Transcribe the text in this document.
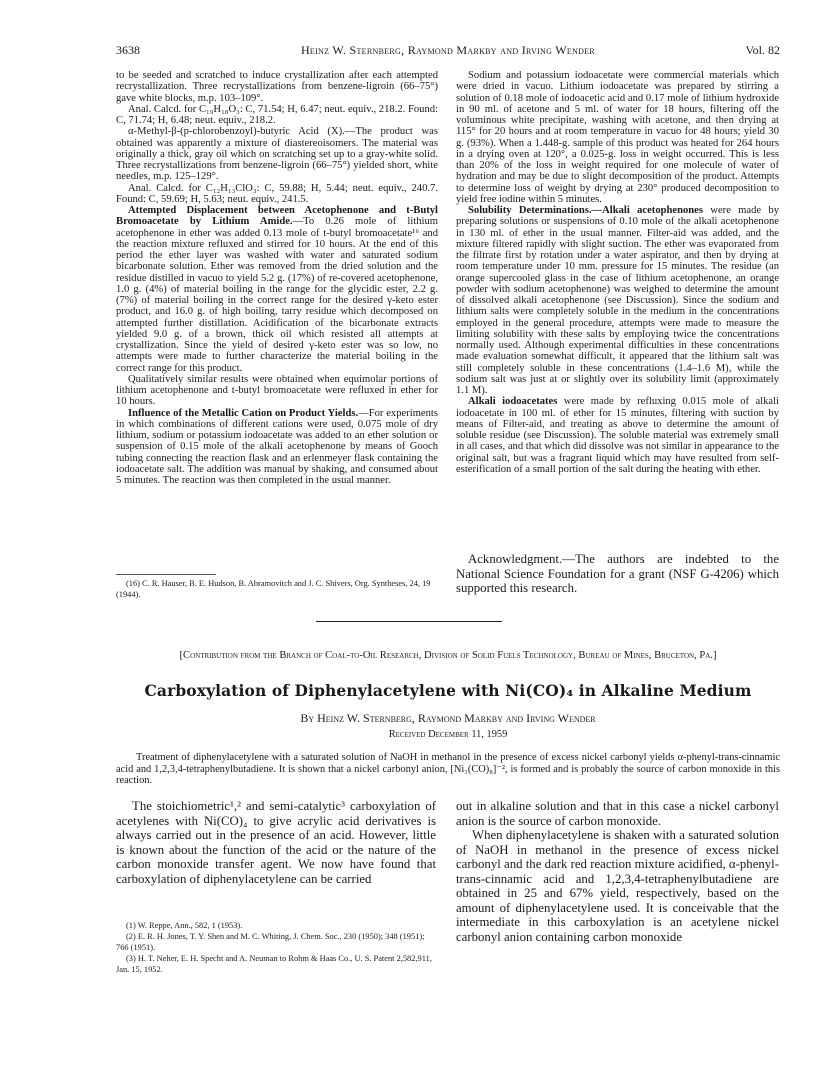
3638	Heinz W. Sternberg, Raymond Markby and Irving Wender	Vol. 82

to be seeded and scratched to induce crystallization after each attempted recrystallization. Three recrystallizations from benzene-ligroin (66–75°) gave white blocks, m.p. 103–109°.

Anal. Calcd. for C₁₉H₁₈O₃: C, 71.54; H, 6.47; neut. equiv., 218.2. Found: C, 71.74; H, 6.48; neut. equiv., 218.2.

α-Methyl-β-(p-chlorobenzoyl)-butyric Acid (X).—The product was obtained was apparently a mixture of diastereoisomers. The material was originally a thick, gray oil which on scratching set up to a gray-white solid. Three recrystallizations from benzene-ligroin (66–75°) yielded short, white needles, m.p. 125–129°.

Anal. Calcd. for C₁₂H₁₃ClO₃: C, 59.88; H, 5.44; neut. equiv., 240.7. Found: C, 59.69; H, 5.63; neut. equiv., 241.5.

Attempted Displacement between Acetophenone and t-Butyl Bromoacetate by Lithium Amide.—To 0.26 mole of lithium acetophenone in ether was added 0.13 mole of t-butyl bromoacetate¹⁶ and the reaction mixture refluxed and stirred for 10 hours. At the end of this period the ether layer was washed with water and saturated sodium bicarbonate solution. Ether was removed from the dried solution and the residue distilled in vacuo to yield 5.2 g. (17%) of re-covered acetophenone, 1.0 g. (4%) of material boiling in the range for the glycidic ester, 2.2 g. (7%) of material boiling in the correct range for the desired γ-keto ester product, and 16.0 g. of high boiling, tarry residue which decomposed on attempted further distillation. Acidification of the bicarbonate extracts yielded 9.0 g. of a brown, thick oil which resisted all attempts at crystallization. Since the yield of desired γ-keto ester was so low, no attempts were made to further characterize the material boiling in the correct range for this product.

Qualitatively similar results were obtained when equimolar portions of lithium acetophenone and t-butyl bromoacetate were refluxed in ether for 10 hours.

Influence of the Metallic Cation on Product Yields.—For experiments in which combinations of different cations were used, 0.075 mole of dry lithium, sodium or potassium iodoacetate was added to an ether solution or suspension of 0.15 mole of the alkali acetophenone by means of Gooch tubing connecting the reaction flask and an erlenmeyer flask containing the iodoacetate salt. The addition was manual by shaking, and consumed about 5 minutes. The reaction was then completed in the usual manner.

(16) C. R. Hauser, B. E. Hudson, B. Abramovitch and J. C. Shivers, Org. Syntheses, 24, 19 (1944).

Sodium and potassium iodoacetate were commercial materials which were dried in vacuo. Lithium iodoacetate was prepared by stirring a solution of 0.18 mole of iodoacetic acid and 0.17 mole of lithium hydroxide in 90 ml. of acetone and 5 ml. of water for 18 hours, filtering off the voluminous white precipitate, washing with acetone, and then drying at 115° for 20 hours and at room temperature in vacuo for 48 hours; yield 30 g. (93%). When a 1.448-g. sample of this product was heated for 264 hours in a drying oven at 120°, a 0.025-g. loss in weight occurred. This is less than 20% of the loss in weight required for one molecule of water of hydration and may be due to slight decomposition of the product. Attempts to determine loss of weight by drying at 230° produced decomposition to yield free iodine within 5 minutes.

Solubility Determinations.—Alkali acetophenones were made by preparing solutions or suspensions of 0.10 mole of the alkali acetophenone in 130 ml. of ether in the usual manner. Filter-aid was added, and the mixture filtered rapidly with slight suction. The ether was evaporated from the filtrate first by rotation under a water aspirator, and then by drying at room temperature under 10 mm. pressure for 15 minutes. The residue (an orange supercooled glass in the case of lithium acetophenone, an orange powder with sodium acetophenone) was weighed to determine the amount of dissolved alkali acetophenone (see Discussion). Since the sodium and lithium salts were completely soluble in the medium in the concentrations employed in the general procedure, attempts were made to measure the limiting solubility with these salts by employing twice the concentrations normally used. Although experimental difficulties in these concentrations made evaluation somewhat difficult, it appeared that the lithium salt was still completely soluble in these concentrations (1.4–1.6 M), while the sodium salt was just at or slightly over its solubility limit (approximately 1.1 M).

Alkali iodoacetates were made by refluxing 0.015 mole of alkali iodoacetate in 100 ml. of ether for 15 minutes, filtering with suction by means of Filter-aid, and treating as above to determine the amount of soluble residue (see Discussion). The soluble material was extremely small in all cases, and that which did dissolve was not similar in appearance to the original salt, but was a fragrant liquid which may have resulted from self-esterification of a small portion of the salt during the heating with ether.

Acknowledgment.—The authors are indebted to the National Science Foundation for a grant (NSF G-4206) which supported this research.

[Contribution from the Branch of Coal-to-Oil Research, Division of Solid Fuels Technology, Bureau of Mines, Bruceton, Pa.]
Carboxylation of Diphenylacetylene with Ni(CO)₄ in Alkaline Medium
By Heinz W. Sternberg, Raymond Markby and Irving Wender
Received December 11, 1959

Treatment of diphenylacetylene with a saturated solution of NaOH in methanol in the presence of excess nickel carbonyl yields α-phenyl-trans-cinnamic acid and 1,2,3,4-tetraphenylbutadiene. It is shown that a nickel carbonyl anion, [Ni₃(CO)₈]⁻², is formed and is probably the source of carbon monoxide in this reaction.

The stoichiometric¹,² and semi-catalytic³ carboxylation of acetylenes with Ni(CO)₄ to give acrylic acid derivatives is always carried out in the presence of an acid. However, little is known about the function of the acid or the nature of the carbon monoxide transfer agent. We now have found that carboxylation of diphenylacetylene can be carried

(1) W. Reppe, Ann., 582, 1 (1953).
(2) E. R. H. Jones, T. Y. Shen and M. C. Whiting, J. Chem. Soc., 230 (1950); 348 (1951); 766 (1951).
(3) H. T. Neher, E. H. Specht and A. Neuman to Rohm & Haas Co., U. S. Patent 2,582,911, Jan. 15, 1952.

out in alkaline solution and that in this case a nickel carbonyl anion is the source of carbon monoxide.

When diphenylacetylene is shaken with a saturated solution of NaOH in methanol in the presence of excess nickel carbonyl and the dark red reaction mixture acidified, α-phenyl-trans-cinnamic acid and 1,2,3,4-tetraphenylbutadiene are obtained in 25 and 67% yield, respectively, based on the amount of diphenylacetylene used. It is conceivable that the intermediate in this carboxylation is an acetylene nickel carbonyl anion containing carbon monoxide
